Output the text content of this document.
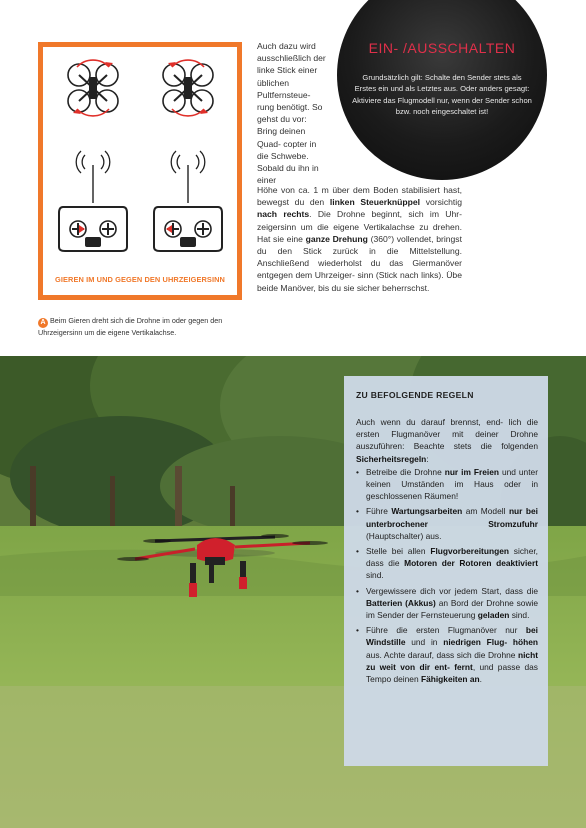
GIEREN IM UND GEGEN DEN UHRZEIGERSINN
A Beim Gieren dreht sich die Drohne im oder gegen den Uhrzeigersinn um die eigene Vertikalachse.
Auch dazu wird ausschließlich der linke Stick einer üblichen Pultfernsteue- rung benötigt. So gehst du vor: Bring deinen Quad- copter in die Schwebe. Sobald du ihn in einer
Höhe von ca. 1 m über dem Boden stabilisiert hast, bewegst du den linken Steuerknüppel vorsichtig nach rechts. Die Drohne beginnt, sich im Uhr- zeigersinn um die eigene Vertikalachse zu drehen. Hat sie eine ganze Drehung (360°) vollendet, bringst du den Stick zurück in die Mittelstellung. Anschließend wiederholst du das Giermanöver entgegen dem Uhrzeiger- sinn (Stick nach links). Übe beide Manöver, bis du sie sicher beherrschst.
EIN- /AUSSCHALTEN
Grundsätzlich gilt: Schalte den Sender stets als Erstes ein und als Letztes aus. Oder anders gesagt: Aktiviere das Flugmodell nur, wenn der Sender schon bzw. noch eingeschaltet ist!
ZU BEFOLGENDE REGELN
Auch wenn du darauf brennst, end- lich die ersten Flugmanöver mit deiner Drohne auszuführen: Beachte stets die folgenden Sicherheitsregeln:
• Betreibe die Drohne nur im Freien und unter keinen Umständen im Haus oder in geschlossenen Räumen!
• Führe Wartungsarbeiten am Modell nur bei unterbrochener Stromzufuhr (Hauptschalter) aus.
• Stelle bei allen Flugvorbereitungen sicher, dass die Motoren der Rotoren deaktiviert sind.
• Vergewissere dich vor jedem Start, dass die Batterien (Akkus) an Bord der Drohne sowie im Sender der Fernsteuerung geladen sind.
• Führe die ersten Flugmanöver nur bei Windstille und in niedrigen Flug- höhen aus. Achte darauf, dass sich die Drohne nicht zu weit von dir ent- fernt, und passe das Tempo deinen Fähigkeiten an.
